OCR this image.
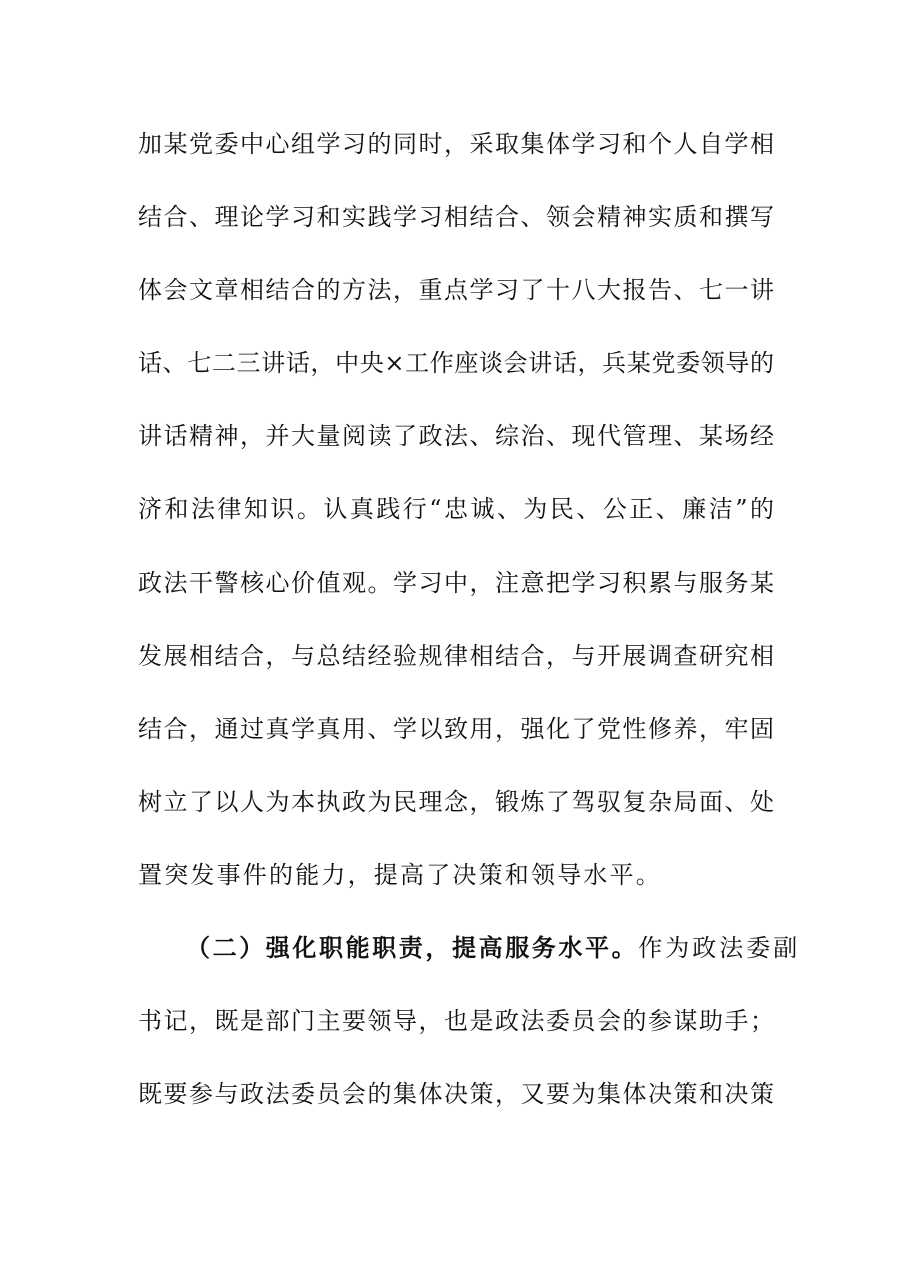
加某党委中心组学习的同时，采取集体学习和个人自学相
结合、理论学习和实践学习相结合、领会精神实质和撰写
体会文章相结合的方法，重点学习了十八大报告、七一讲
话、七二三讲话，中央×工作座谈会讲话，兵某党委领导的
讲话精神，并大量阅读了政法、综治、现代管理、某场经
济和法律知识。认真践行“忠诚、为民、公正、廉洁”的
政法干警核心价值观。学习中，注意把学习积累与服务某
发展相结合，与总结经验规律相结合，与开展调查研究相
结合，通过真学真用、学以致用，强化了党性修养，牢固
树立了以人为本执政为民理念，锻炼了驾驭复杂局面、处
置突发事件的能力，提高了决策和领导水平。
（二）强化职能职责，提高服务水平。作为政法委副
书记，既是部门主要领导，也是政法委员会的参谋助手；
既要参与政法委员会的集体决策，又要为集体决策和决策
